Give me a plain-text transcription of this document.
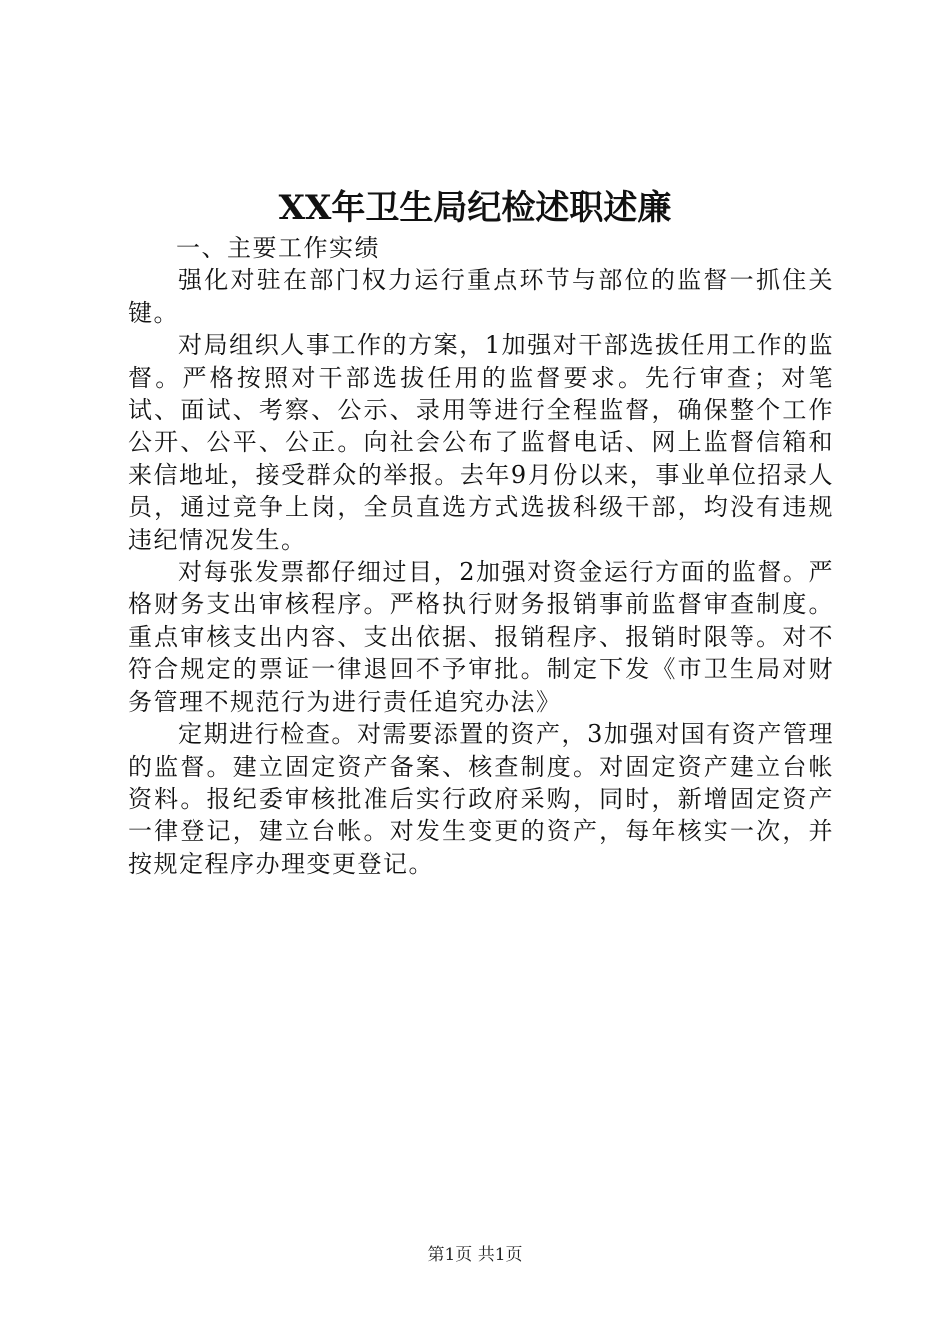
XX年卫生局纪检述职述廉

一、主要工作实绩

强化对驻在部门权力运行重点环节与部位的监督一抓住关键。

对局组织人事工作的方案，1加强对干部选拔任用工作的监督。严格按照对干部选拔任用的监督要求。先行审查；对笔试、面试、考察、公示、录用等进行全程监督，确保整个工作公开、公平、公正。向社会公布了监督电话、网上监督信箱和来信地址，接受群众的举报。去年9月份以来，事业单位招录人员，通过竞争上岗，全员直选方式选拔科级干部，均没有违规违纪情况发生。

对每张发票都仔细过目，2加强对资金运行方面的监督。严格财务支出审核程序。严格执行财务报销事前监督审查制度。重点审核支出内容、支出依据、报销程序、报销时限等。对不符合规定的票证一律退回不予审批。制定下发《市卫生局对财务管理不规范行为进行责任追究办法》

定期进行检查。对需要添置的资产，3加强对国有资产管理的监督。建立固定资产备案、核查制度。对固定资产建立台帐资料。报纪委审核批准后实行政府采购，同时，新增固定资产一律登记，建立台帐。对发生变更的资产，每年核实一次，并按规定程序办理变更登记。

第1页 共1页
